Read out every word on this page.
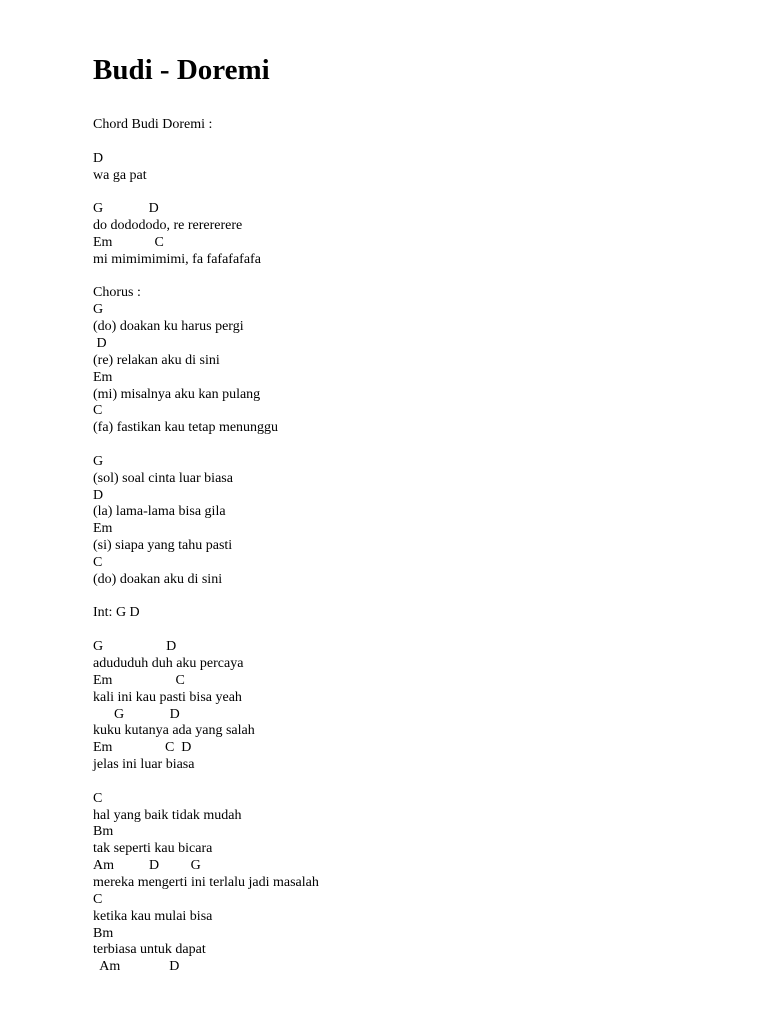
Budi - Doremi
Chord Budi Doremi :
D
wa ga pat
G             D
do dodododo, re rerererere
Em            C
mi mimimimimi, fa fafafafafa
Chorus :
G
(do) doakan ku harus pergi
D
(re) relakan aku di sini
Em
(mi) misalnya aku kan pulang
C
(fa) fastikan kau tetap menunggu
G
(sol) soal cinta luar biasa
D
(la) lama-lama bisa gila
Em
(si) siapa yang tahu pasti
C
(do) doakan aku di sini
Int: G D
G                  D
adududuh duh aku percaya
Em                  C
kali ini kau pasti bisa yeah
G             D
kuku kutanya ada yang salah
Em               C  D
jelas ini luar biasa
C
hal yang baik tidak mudah
Bm
tak seperti kau bicara
Am          D         G
mereka mengerti ini terlalu jadi masalah
C
ketika kau mulai bisa
Bm
terbiasa untuk dapat
Am              D
